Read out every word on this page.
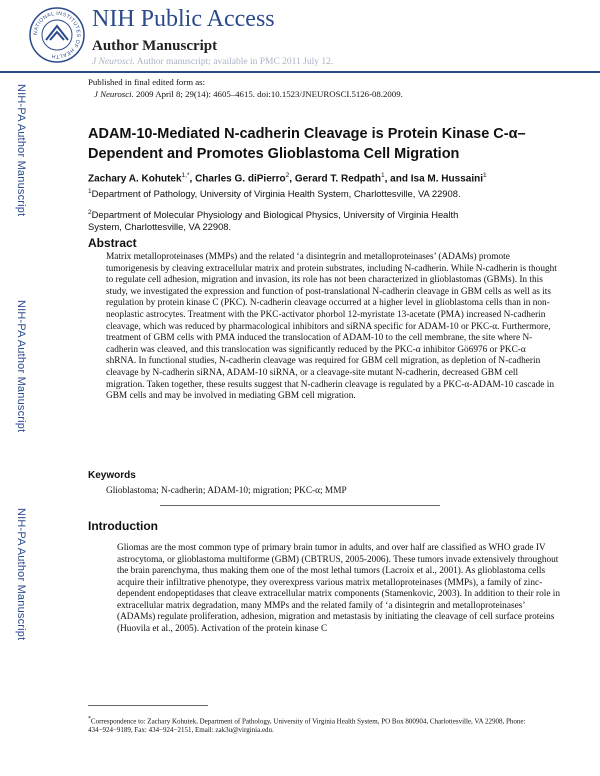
NATIONAL INSTITUTES OF HEALTH
NIH Public Access
Author Manuscript
J Neurosci. Author manuscript; available in PMC 2011 July 12.
Published in final edited form as:
J Neurosci. 2009 April 8; 29(14): 4605–4615. doi:10.1523/JNEUROSCI.5126-08.2009.
NIH-PA Author Manuscript
NIH-PA Author Manuscript
NIH-PA Author Manuscript
ADAM-10-Mediated N-cadherin Cleavage is Protein Kinase C-α–Dependent and Promotes Glioblastoma Cell Migration
Zachary A. Kohutek$^{1,*}$, Charles G. diPierro$^2$, Gerard T. Redpath$^1$, and Isa M. Hussaini$^1$
$^1$Department of Pathology, University of Virginia Health System, Charlottesville, VA 22908.
$^2$Department of Molecular Physiology and Biological Physics, University of Virginia Health System, Charlottesville, VA 22908.
Abstract
Matrix metalloproteinases (MMPs) and the related ‘a disintegrin and metalloproteinases’ (ADAMs) promote tumorigenesis by cleaving extracellular matrix and protein substrates, including N-cadherin. While N-cadherin is thought to regulate cell adhesion, migration and invasion, its role has not been characterized in glioblastomas (GBMs). In this study, we investigated the expression and function of post-translational N-cadherin cleavage in GBM cells as well as its regulation by protein kinase C (PKC). N-cadherin cleavage occurred at a higher level in glioblastoma cells than in non-neoplastic astrocytes. Treatment with the PKC-activator phorbol 12-myristate 13-acetate (PMA) increased N-cadherin cleavage, which was reduced by pharmacological inhibitors and siRNA specific for ADAM-10 or PKC-α. Furthermore, treatment of GBM cells with PMA induced the translocation of ADAM-10 to the cell membrane, the site where N-cadherin was cleaved, and this translocation was significantly reduced by the PKC-α inhibitor Gö6976 or PKC-α shRNA. In functional studies, N-cadherin cleavage was required for GBM cell migration, as depletion of N-cadherin cleavage by N-cadherin siRNA, ADAM-10 siRNA, or a cleavage-site mutant N-cadherin, decreased GBM cell migration. Taken together, these results suggest that N-cadherin cleavage is regulated by a PKC-α-ADAM-10 cascade in GBM cells and may be involved in mediating GBM cell migration.
Keywords
Glioblastoma; N-cadherin; ADAM-10; migration; PKC-α; MMP
Introduction
Gliomas are the most common type of primary brain tumor in adults, and over half are classified as WHO grade IV astrocytoma, or glioblastoma multiforme (GBM) (CBTRUS, 2005-2006). These tumors invade extensively throughout the brain parenchyma, thus making them one of the most lethal tumors (Lacroix et al., 2001). As glioblastoma cells acquire their infiltrative phenotype, they overexpress various matrix metalloproteinases (MMPs), a family of zinc-dependent endopeptidases that cleave extracellular matrix components (Stamenkovic, 2003). In addition to their role in extracellular matrix degradation, many MMPs and the related family of ‘a disintegrin and metalloproteinases’ (ADAMs) regulate proliferation, adhesion, migration and metastasis by initiating the cleavage of cell surface proteins (Huovila et al., 2005). Activation of the protein kinase C
*Correspondence to: Zachary Kohutek, Department of Pathology, University of Virginia Health System, PO Box 800904, Charlottesville, VA 22908, Phone: 434−924−9189, Fax: 434−924−2151, Email: zak3u@virginia.edu.
